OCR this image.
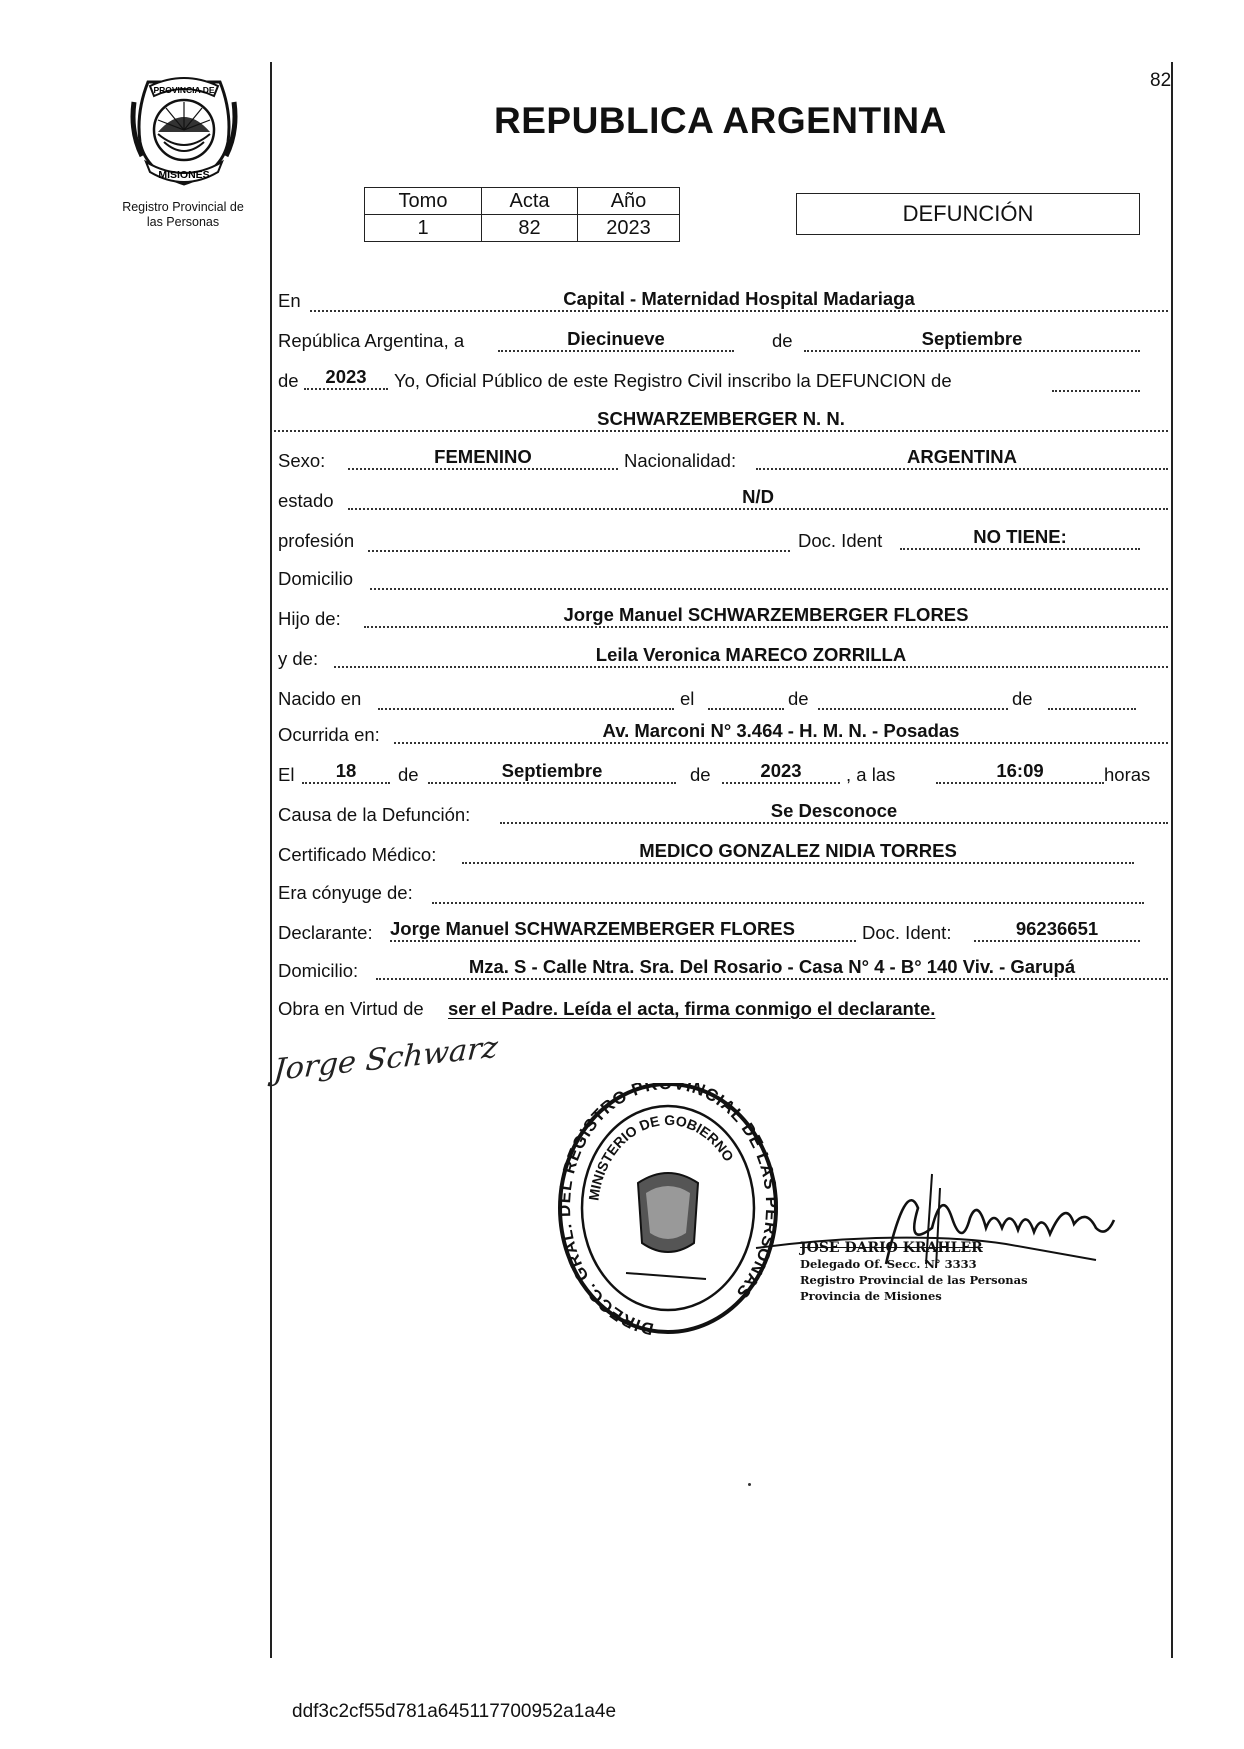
82
REPUBLICA ARGENTINA
PROVINCIA DE
MISIONES
Registro Provincial de
las Personas
Tomo	Acta	Año
1	82	2023
DEFUNCIÓN
En	Capital - Maternidad Hospital Madariaga
República Argentina, a	Diecinueve	de	Septiembre
de	2023	Yo, Oficial Público de este Registro Civil inscribo la DEFUNCION de
SCHWARZEMBERGER N. N.
Sexo:	FEMENINO	Nacionalidad:	ARGENTINA
estado	N/D
profesión	Doc. Ident	NO TIENE:
Domicilio
Hijo de:	Jorge Manuel SCHWARZEMBERGER FLORES
y de:	Leila Veronica MARECO ZORRILLA
Nacido en	el	de	de
Ocurrida en:	Av. Marconi N° 3.464 - H. M. N. - Posadas
El	18	de	Septiembre	de	2023	, a las	16:09	horas
Causa de la Defunción:	Se Desconoce
Certificado Médico:	MEDICO GONZALEZ NIDIA TORRES
Era cónyuge de:
Declarante: Jorge Manuel SCHWARZEMBERGER FLORES	Doc. Ident:	96236651
Domicilio:	Mza. S - Calle Ntra. Sra. Del Rosario - Casa N° 4 - B° 140 Viv. - Garupá
Obra en Virtud de ser el Padre. Leída el acta, firma conmigo el declarante.
Jorge Schwarz
DIRECC. GRAL. DEL REGISTRO PROVINCIAL DE LAS PERSONAS
MINISTERIO DE GOBIERNO
JOSE DARIO KRAHLER
Delegado Of. Secc. N° 3333
Registro Provincial de las Personas
Provincia de Misiones
ddf3c2cf55d781a645117700952a1a4e
